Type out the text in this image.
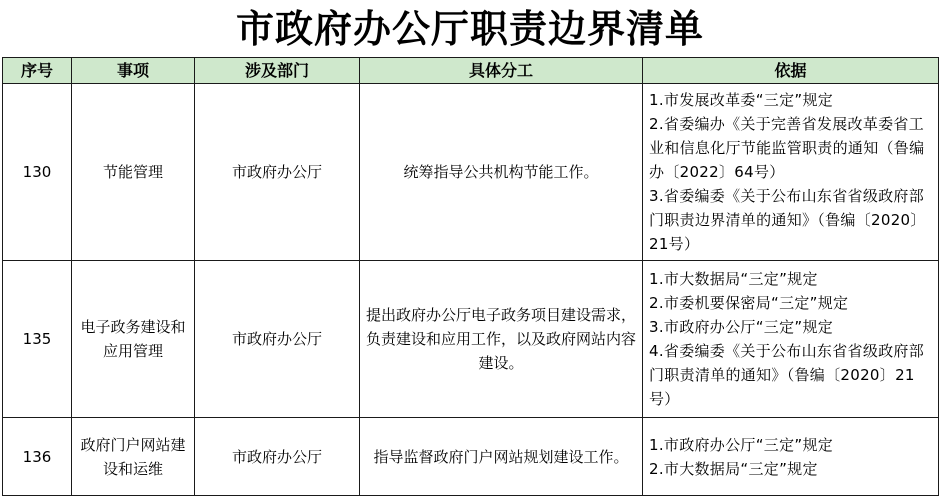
市政府办公厅职责边界清单
序号	事项	涉及部门	具体分工	依据
130	节能管理	市政府办公厅	统筹指导公共机构节能工作。	1.市发展改革委“三定”规定
2.省委编办《关于完善省发展改革委省工业和信息化厅节能监管职责的通知（鲁编办〔2022〕64号）
3.省委编委《关于公布山东省省级政府部门职责边界清单的通知》（鲁编〔2020〕21号）

135	电子政务建设和应用管理	市政府办公厅	提出政府办公厅电子政务项目建设需求，负责建设和应用工作，以及政府网站内容建设。	1.市大数据局“三定”规定
2.市委机要保密局“三定”规定
3.市政府办公厅“三定”规定
4.省委编委《关于公布山东省省级政府部门职责清单的通知》（鲁编〔2020〕21号）

136	政府门户网站建设和运维	市政府办公厅	指导监督政府门户网站规划建设工作。	1.市政府办公厅“三定”规定
2.市大数据局“三定”规定
